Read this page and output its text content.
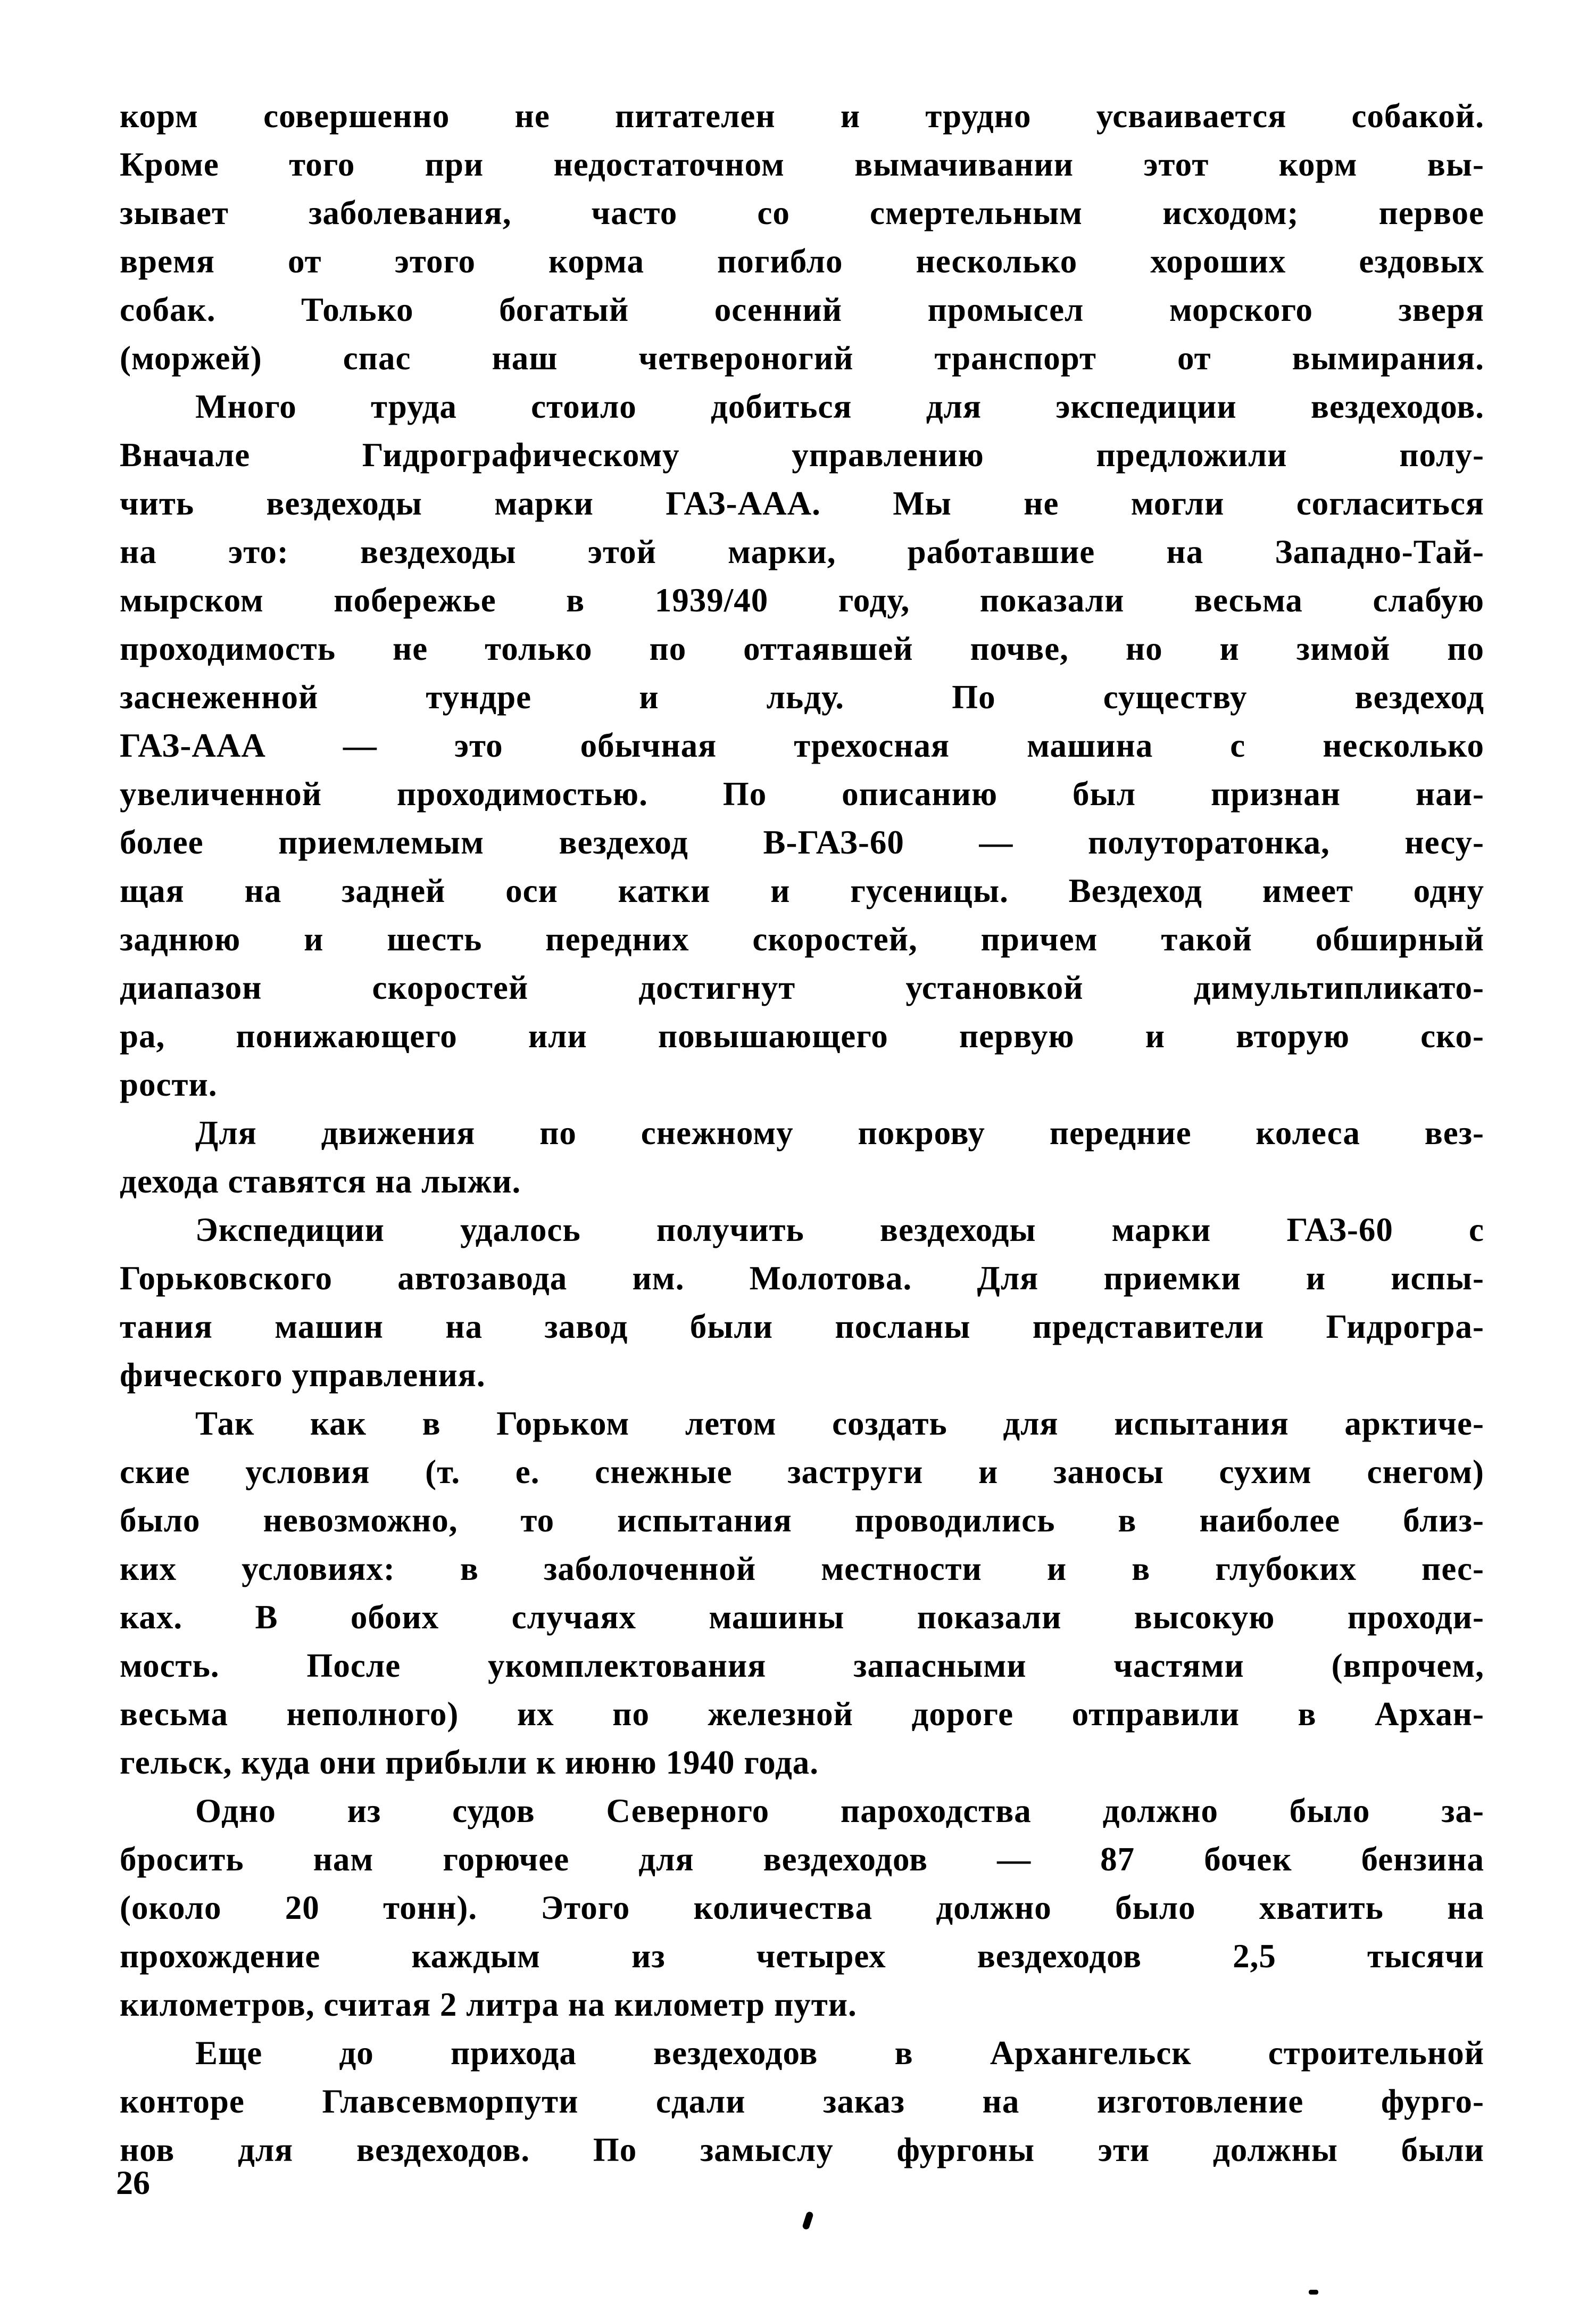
корм совершенно не питателен и трудно усваивается собакой.
Кроме того при недостаточном вымачивании этот корм вы-
зывает заболевания, часто со смертельным исходом; первое
время от этого корма погибло несколько хороших ездовых
собак. Только богатый осенний промысел морского зверя
(моржей) спас наш четвероногий транспорт от вымирания.
Много труда стоило добиться для экспедиции вездеходов.
Вначале Гидрографическому управлению предложили полу-
чить вездеходы марки ГАЗ-ААА. Мы не могли согласиться
на это: вездеходы этой марки, работавшие на Западно-Тай-
мырском побережье в 1939/40 году, показали весьма слабую
проходимость не только по оттаявшей почве, но и зимой по
заснеженной тундре и льду. По существу вездеход
ГАЗ-ААА — это обычная трехосная машина с несколько
увеличенной проходимостью. По описанию был признан наи-
более приемлемым вездеход В-ГАЗ-60 — полуторатонка, несу-
щая на задней оси катки и гусеницы. Вездеход имеет одну
заднюю и шесть передних скоростей, причем такой обширный
диапазон скоростей достигнут установкой димультипликато-
ра, понижающего или повышающего первую и вторую ско-
рости.
Для движения по снежному покрову передние колеса вез-
дехода ставятся на лыжи.
Экспедиции удалось получить вездеходы марки ГАЗ-60 с
Горьковского автозавода им. Молотова. Для приемки и испы-
тания машин на завод были посланы представители Гидрогра-
фического управления.
Так как в Горьком летом создать для испытания арктиче-
ские условия (т. е. снежные заструги и заносы сухим снегом)
было невозможно, то испытания проводились в наиболее близ-
ких условиях: в заболоченной местности и в глубоких пес-
ках. В обоих случаях машины показали высокую проходи-
мость. После укомплектования запасными частями (впрочем,
весьма неполного) их по железной дороге отправили в Архан-
гельск, куда они прибыли к июню 1940 года.
Одно из судов Северного пароходства должно было за-
бросить нам горючее для вездеходов — 87 бочек бензина
(около 20 тонн). Этого количества должно было хватить на
прохождение каждым из четырех вездеходов 2,5 тысячи
километров, считая 2 литра на километр пути.
Еще до прихода вездеходов в Архангельск строительной
конторе Главсевморпути сдали заказ на изготовление фурго-
нов для вездеходов. По замыслу фургоны эти должны были
26
